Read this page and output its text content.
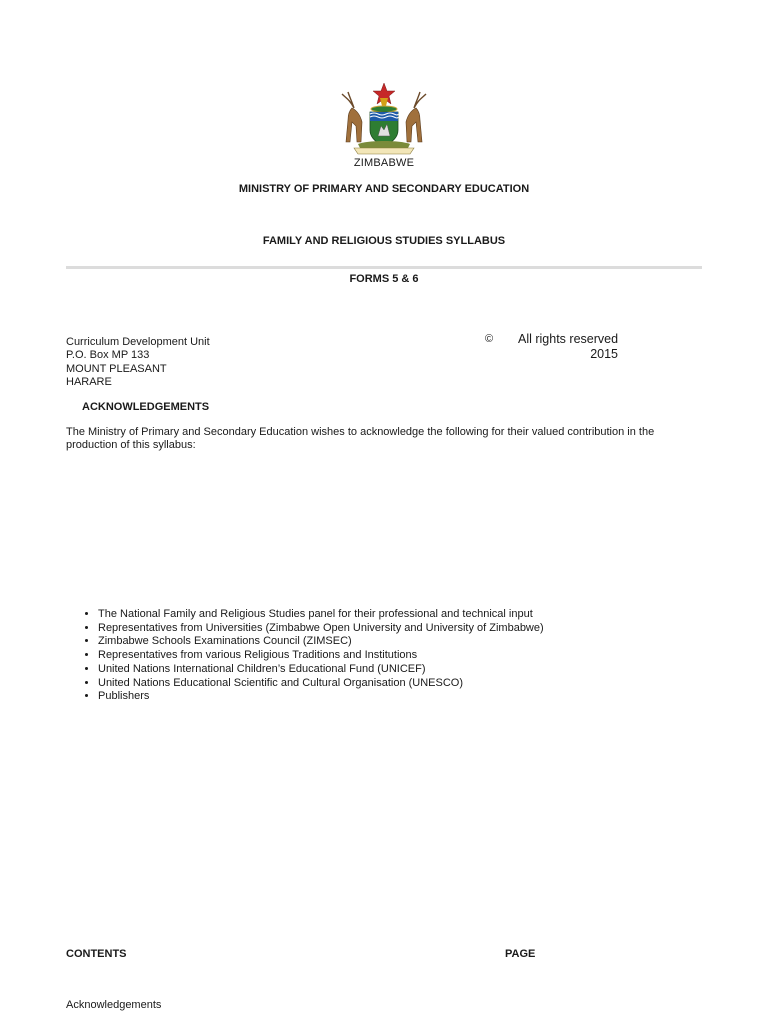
ZIMBABWE
MINISTRY OF PRIMARY AND SECONDARY EDUCATION
FAMILY AND RELIGIOUS STUDIES SYLLABUS
FORMS 5 & 6
Curriculum Development Unit
P.O. Box MP 133
MOUNT PLEASANT
HARARE
© All rights reserved
2015
ACKNOWLEDGEMENTS
The Ministry of Primary and Secondary Education wishes to acknowledge the following for their valued contribution in the production of this syllabus:
• The National Family and Religious Studies panel for their professional and technical input
• Representatives from Universities (Zimbabwe Open University and University of Zimbabwe)
• Zimbabwe Schools Examinations Council (ZIMSEC)
• Representatives from various Religious Traditions and Institutions
• United Nations International Children’s Educational Fund (UNICEF)
• United Nations Educational Scientific and Cultural Organisation (UNESCO)
• Publishers
CONTENTS	PAGE
Acknowledgements
